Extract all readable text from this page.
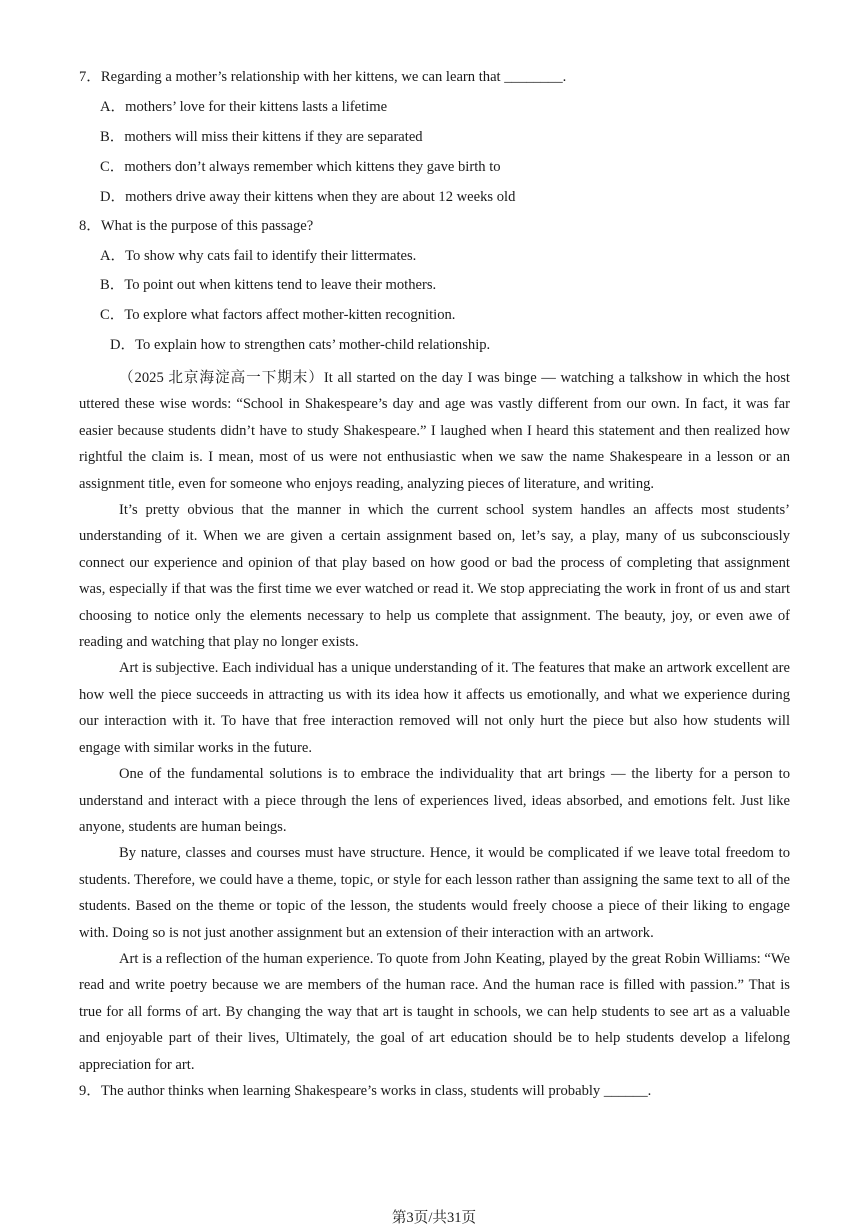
7．Regarding a mother’s relationship with her kittens, we can learn that ________.
A．mothers’ love for their kittens lasts a lifetime
B．mothers will miss their kittens if they are separated
C．mothers don’t always remember which kittens they gave birth to
D．mothers drive away their kittens when they are about 12 weeks old
8．What is the purpose of this passage?
A．To show why cats fail to identify their littermates.
B．To point out when kittens tend to leave their mothers.
C．To explore what factors affect mother-kitten recognition.
D．To explain how to strengthen cats’ mother-child relationship.

（2025 北京海淀高一下期末）It all started on the day I was binge — watching a talkshow in which the host uttered these wise words: “School in Shakespeare’s day and age was vastly different from our own. In fact, it was far easier because students didn’t have to study Shakespeare.” I laughed when I heard this statement and then realized how rightful the claim is. I mean, most of us were not enthusiastic when we saw the name Shakespeare in a lesson or an assignment title, even for someone who enjoys reading, analyzing pieces of literature, and writing.

It’s pretty obvious that the manner in which the current school system handles an affects most students’ understanding of it. When we are given a certain assignment based on, let’s say, a play, many of us subconsciously connect our experience and opinion of that play based on how good or bad the process of completing that assignment was, especially if that was the first time we ever watched or read it. We stop appreciating the work in front of us and start choosing to notice only the elements necessary to help us complete that assignment. The beauty, joy, or even awe of reading and watching that play no longer exists.

Art is subjective. Each individual has a unique understanding of it. The features that make an artwork excellent are how well the piece succeeds in attracting us with its idea how it affects us emotionally, and what we experience during our interaction with it. To have that free interaction removed will not only hurt the piece but also how students will engage with similar works in the future.

One of the fundamental solutions is to embrace the individuality that art brings — the liberty for a person to understand and interact with a piece through the lens of experiences lived, ideas absorbed, and emotions felt. Just like anyone, students are human beings.

By nature, classes and courses must have structure. Hence, it would be complicated if we leave total freedom to students. Therefore, we could have a theme, topic, or style for each lesson rather than assigning the same text to all of the students. Based on the theme or topic of the lesson, the students would freely choose a piece of their liking to engage with. Doing so is not just another assignment but an extension of their interaction with an artwork.

Art is a reflection of the human experience. To quote from John Keating, played by the great Robin Williams: “We read and write poetry because we are members of the human race. And the human race is filled with passion.” That is true for all forms of art. By changing the way that art is taught in schools, we can help students to see art as a valuable and enjoyable part of their lives, Ultimately, the goal of art education should be to help students develop a lifelong appreciation for art.

9．The author thinks when learning Shakespeare’s works in class, students will probably ______.
第3页/共31页
